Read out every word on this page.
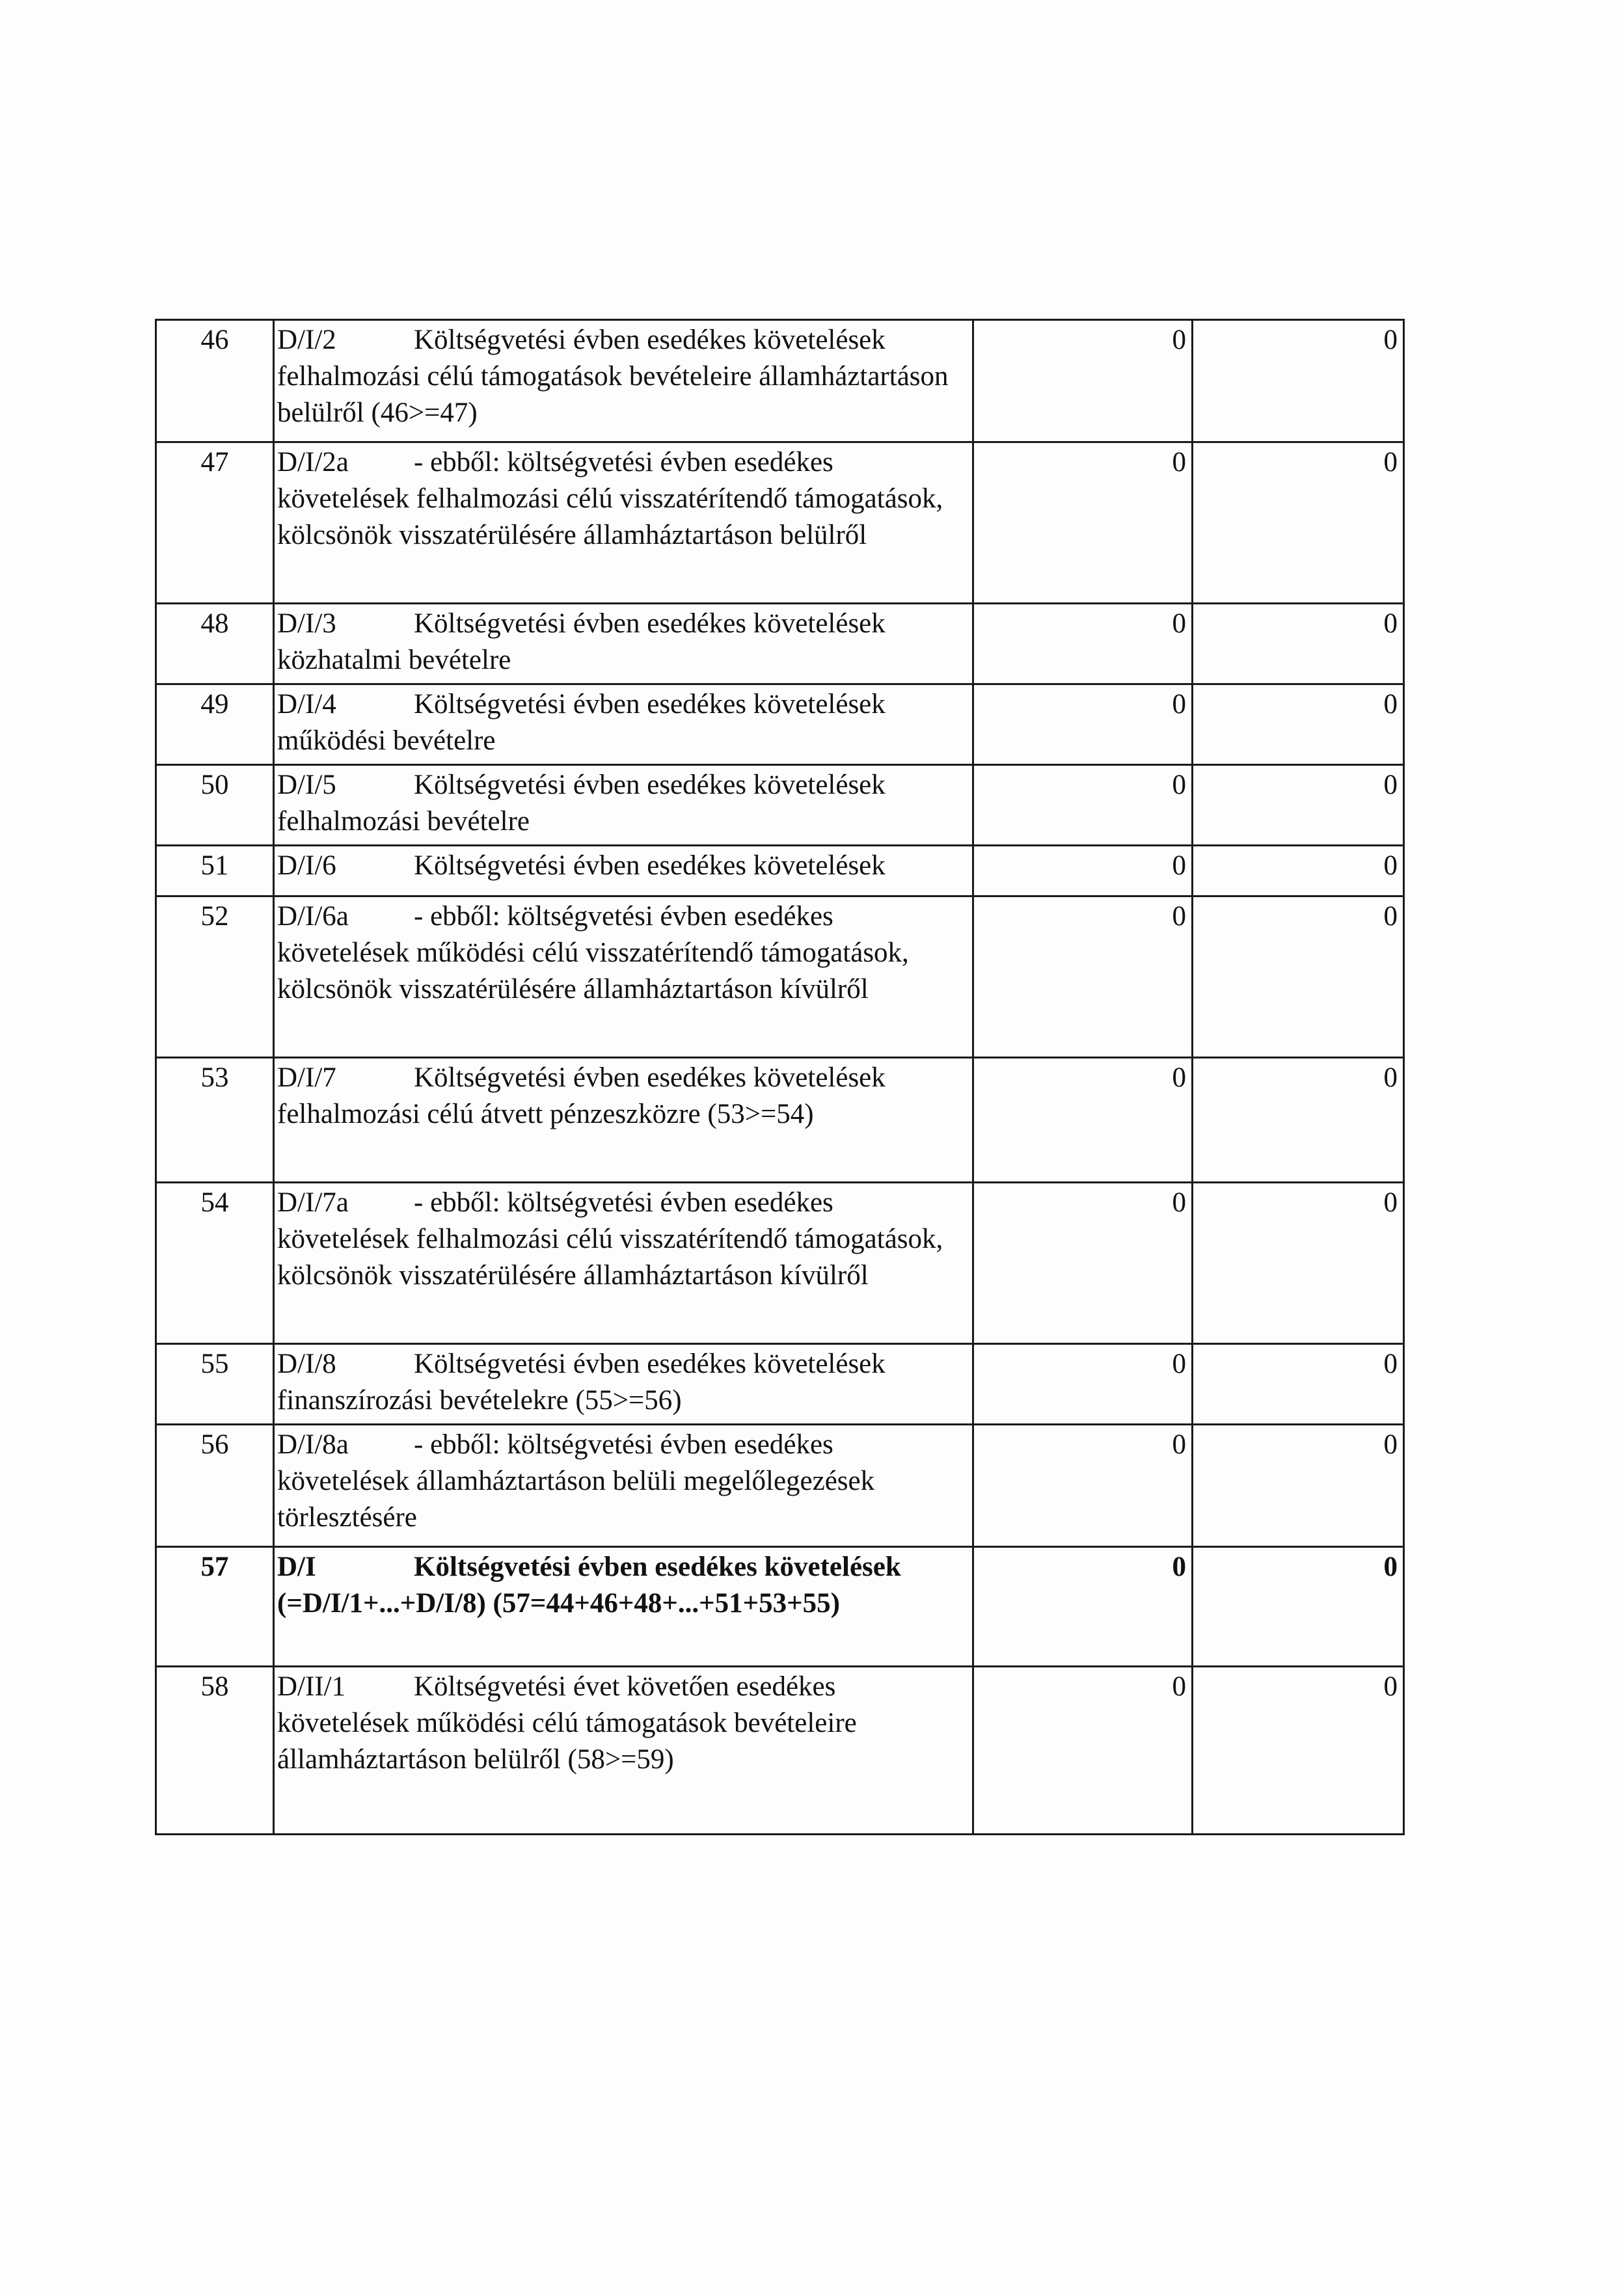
46	D/I/2 Költségvetési évben esedékes követelések felhalmozási célú támogatások bevételeire államháztartáson belülről (46>=47)	0	0
47	D/I/2a - ebből: költségvetési évben esedékes követelések felhalmozási célú visszatérítendő támogatások, kölcsönök visszatérülésére államháztartáson belülről	0	0
48	D/I/3 Költségvetési évben esedékes követelések közhatalmi bevételre	0	0
49	D/I/4 Költségvetési évben esedékes követelések működési bevételre	0	0
50	D/I/5 Költségvetési évben esedékes követelések felhalmozási bevételre	0	0
51	D/I/6 Költségvetési évben esedékes követelések	0	0
52	D/I/6a - ebből: költségvetési évben esedékes követelések működési célú visszatérítendő támogatások, kölcsönök visszatérülésére államháztartáson kívülről	0	0
53	D/I/7 Költségvetési évben esedékes követelések felhalmozási célú átvett pénzeszközre (53>=54)	0	0
54	D/I/7a - ebből: költségvetési évben esedékes követelések felhalmozási célú visszatérítendő támogatások, kölcsönök visszatérülésére államháztartáson kívülről	0	0
55	D/I/8 Költségvetési évben esedékes követelések finanszírozási bevételekre (55>=56)	0	0
56	D/I/8a - ebből: költségvetési évben esedékes követelések államháztartáson belüli megelőlegezések törlesztésére	0	0
57	D/I Költségvetési évben esedékes követelések (=D/I/1+...+D/I/8) (57=44+46+48+...+51+53+55)	0	0
58	D/II/1 Költségvetési évet követően esedékes követelések működési célú támogatások bevételeire államháztartáson belülről (58>=59)	0	0
